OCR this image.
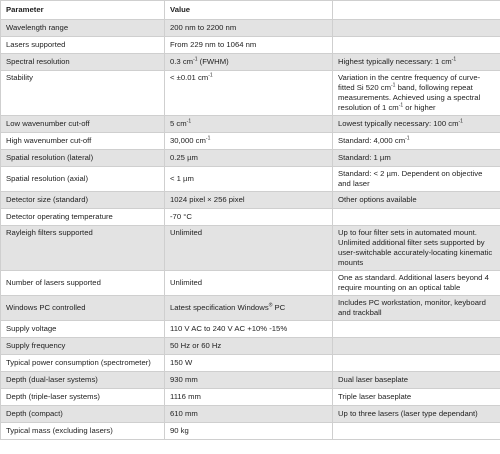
Parameter	Value	
Wavelength range	200 nm to 2200 nm	
Lasers supported	From 229 nm to 1064 nm	
Spectral resolution	0.3 $cm^{-1}$ (FWHM)	Highest typically necessary: 1 $cm^{-1}$
Stability	< ±0.01 $cm^{-1}$	Variation in the centre frequency of curve-fitted Si 520 $cm^{-1}$ band, following repeat measurements. Achieved using a spectral resolution of 1 $cm^{-1}$ or higher
Low wavenumber cut-off	5 $cm^{-1}$	Lowest typically necessary: 100 $cm^{-1}$
High wavenumber cut-off	30,000 $cm^{-1}$	Standard: 4,000 $cm^{-1}$
Spatial resolution (lateral)	0.25 µm	Standard: 1 µm
Spatial resolution (axial)	< 1 µm	Standard: < 2 µm. Dependent on objective and laser
Detector size (standard)	1024 pixel × 256 pixel	Other options available
Detector operating temperature	-70 °C	
Rayleigh filters supported	Unlimited	Up to four filter sets in automated mount. Unlimited additional filter sets supported by user-switchable accurately-locating kinematic mounts
Number of lasers supported	Unlimited	One as standard. Additional lasers beyond 4 require mounting on an optical table
Windows PC controlled	Latest specification Windows® PC	Includes PC workstation, monitor, keyboard and trackball
Supply voltage	110 V AC to 240 V AC +10% -15%	
Supply frequency	50 Hz or 60 Hz	
Typical power consumption (spectrometer)	150 W	
Depth (dual-laser systems)	930 mm	Dual laser baseplate
Depth (triple-laser systems)	1116 mm	Triple laser baseplate
Depth (compact)	610 mm	Up to three lasers (laser type dependant)
Typical mass (excluding lasers)	90 kg	
